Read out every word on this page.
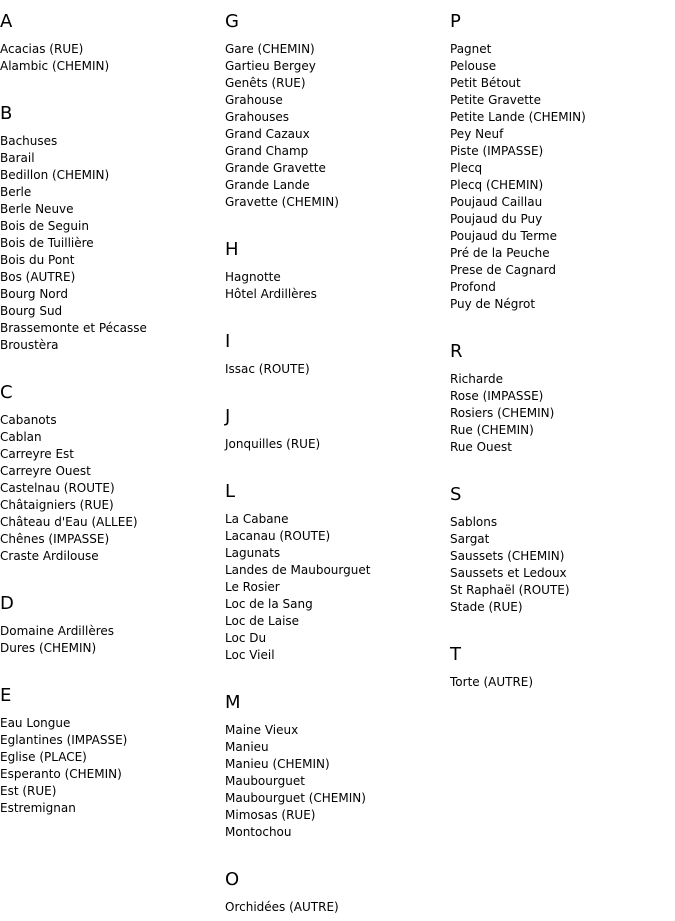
A
Acacias (RUE)
Alambic (CHEMIN)
B
Bachuses
Barail
Bedillon (CHEMIN)
Berle
Berle Neuve
Bois de Seguin
Bois de Tuillière
Bois du Pont
Bos (AUTRE)
Bourg Nord
Bourg Sud
Brassemonte et Pécasse
Broustèra
C
Cabanots
Cablan
Carreyre Est
Carreyre Ouest
Castelnau (ROUTE)
Châtaigniers (RUE)
Château d'Eau (ALLEE)
Chênes (IMPASSE)
Craste Ardilouse
D
Domaine Ardillères
Dures (CHEMIN)
E
Eau Longue
Eglantines (IMPASSE)
Eglise (PLACE)
Esperanto (CHEMIN)
Est (RUE)
Estremignan
G
Gare (CHEMIN)
Gartieu Bergey
Genêts (RUE)
Grahouse
Grahouses
Grand Cazaux
Grand Champ
Grande Gravette
Grande Lande
Gravette (CHEMIN)
H
Hagnotte
Hôtel Ardillères
I
Issac (ROUTE)
J
Jonquilles (RUE)
L
La Cabane
Lacanau (ROUTE)
Lagunats
Landes de Maubourguet
Le Rosier
Loc de la Sang
Loc de Laise
Loc Du
Loc Vieil
M
Maine Vieux
Manieu
Manieu (CHEMIN)
Maubourguet
Maubourguet (CHEMIN)
Mimosas (RUE)
Montochou
O
Orchidées (AUTRE)
P
Pagnet
Pelouse
Petit Bétout
Petite Gravette
Petite Lande (CHEMIN)
Pey Neuf
Piste (IMPASSE)
Plecq
Plecq (CHEMIN)
Poujaud Caillau
Poujaud du Puy
Poujaud du Terme
Pré de la Peuche
Prese de Cagnard
Profond
Puy de Négrot
R
Richarde
Rose (IMPASSE)
Rosiers (CHEMIN)
Rue (CHEMIN)
Rue Ouest
S
Sablons
Sargat
Saussets (CHEMIN)
Saussets et Ledoux
St Raphaël (ROUTE)
Stade (RUE)
T
Torte (AUTRE)
